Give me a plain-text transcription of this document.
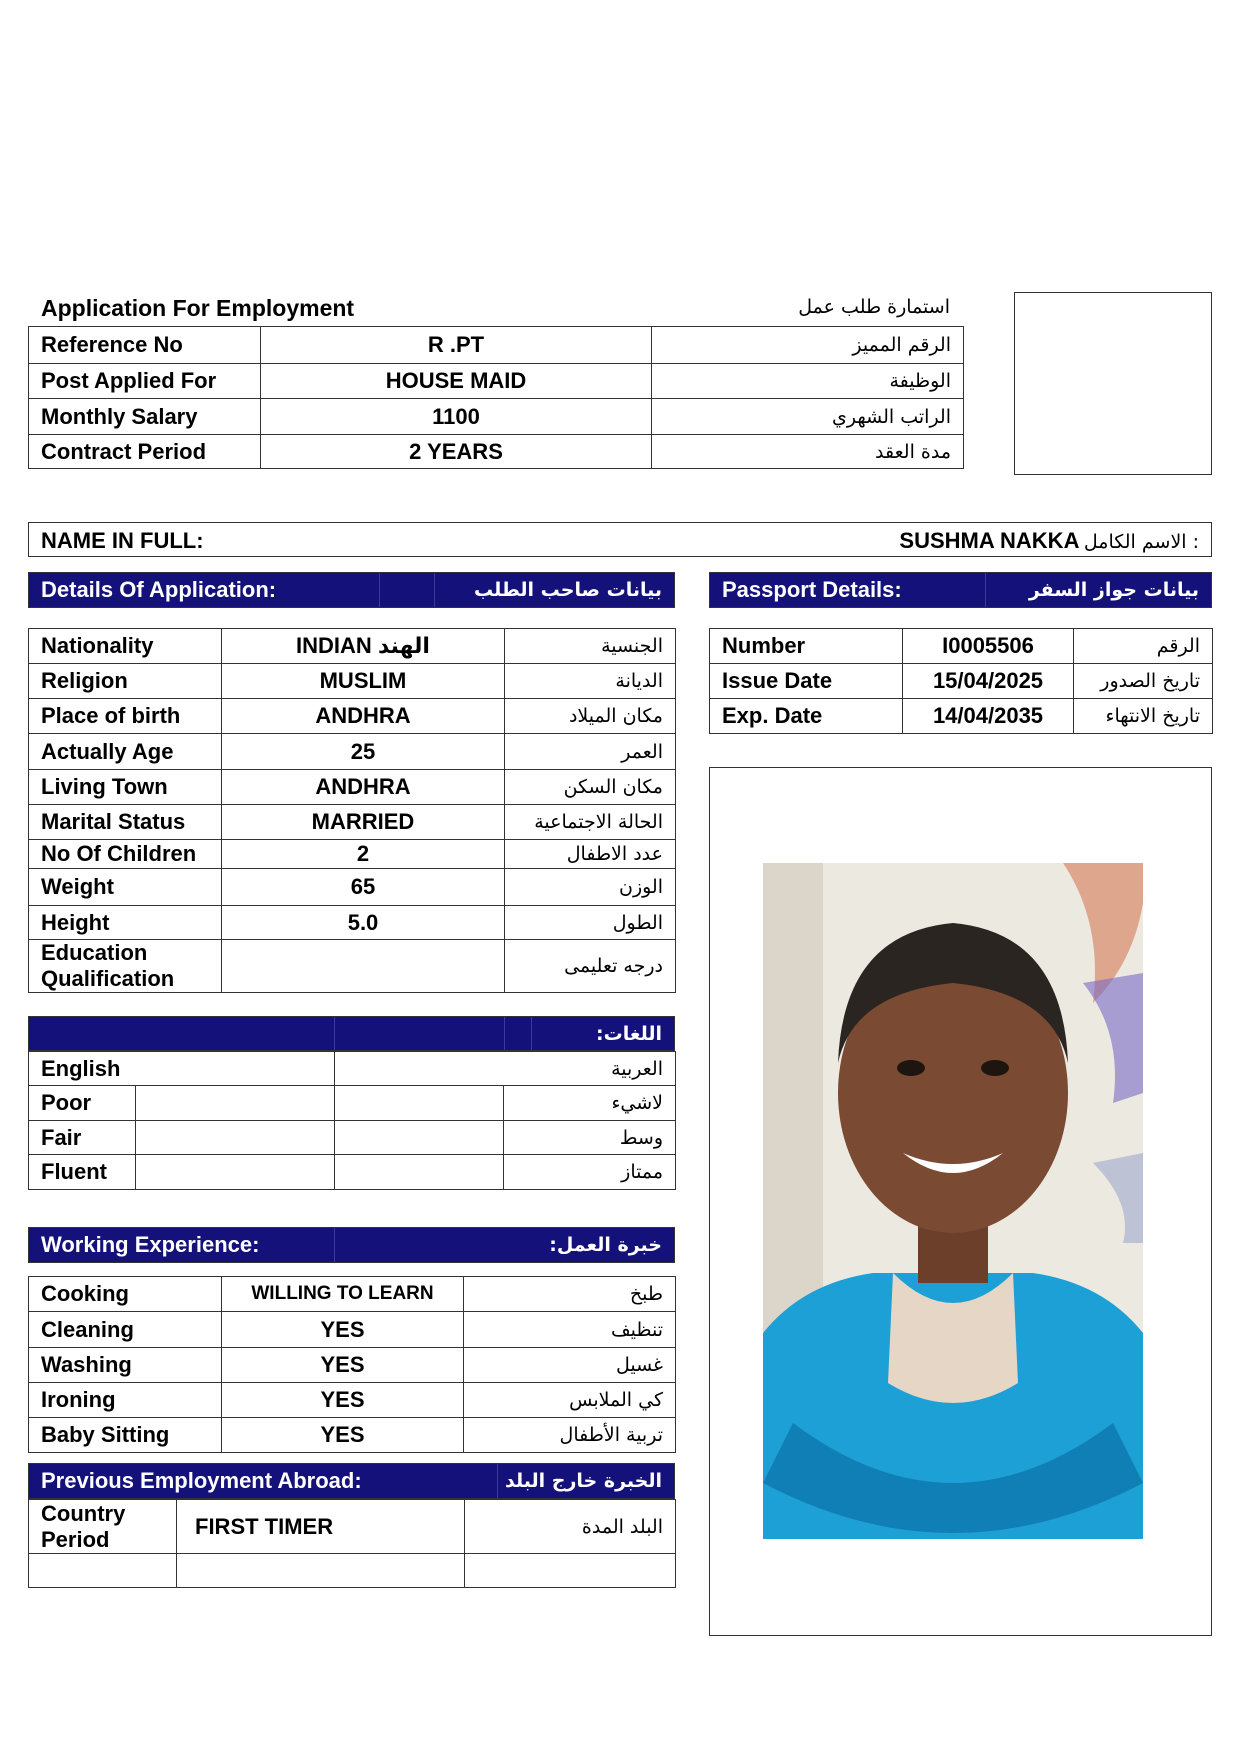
Application For Employment	استمارة طلب عمل
Reference No	R .PT	الرقم المميز
Post Applied For	HOUSE MAID	الوظيفة
Monthly Salary	1100	الراتب الشهري
Contract Period	2 YEARS	مدة العقد
NAME IN FULL:	SUSHMA NAKKA : الاسم الكامل
Details Of Application:	بيانات صاحب الطلب	Passport Details:	بيانات جواز السفر
Nationality	INDIAN الهند	الجنسية
Religion	MUSLIM	الديانة
Place of birth	ANDHRA	مكان الميلاد
Actually Age	25	العمر
Living Town	ANDHRA	مكان السكن
Marital Status	MARRIED	الحالة الاجتماعية
No Of Children	2	عدد الاطفال
Weight	65	الوزن
Height	5.0	الطول
Education Qualification		درجه تعليمى
Number	I0005506	الرقم
Issue Date	15/04/2025	تاريخ الصدور
Exp. Date	14/04/2035	تاريخ الانتهاء
اللغات:
English		العربية	
Poor			لاشيء
Fair			وسط
Fluent			ممتاز
Working Experience:	خبرة العمل:
Cooking	WILLING TO LEARN	طبخ
Cleaning	YES	تنظيف
Washing	YES	غسيل
Ironing	YES	كي الملابس
Baby Sitting	YES	تربية الأطفال
Previous Employment Abroad:	الخبرة خارج البلد
Country Period	FIRST TIMER	البلد المدة
